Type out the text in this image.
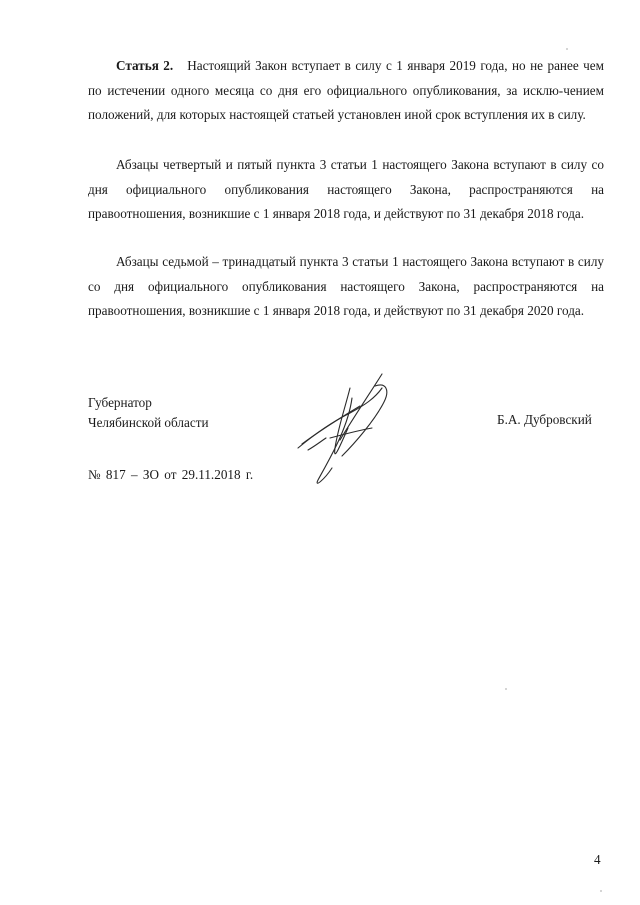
Статья 2. Настоящий Закон вступает в силу с 1 января 2019 года, но не ранее чем по истечении одного месяца со дня его официального опубликования, за исклю-чением положений, для которых настоящей статьей установлен иной срок вступления их в силу.

Абзацы четвертый и пятый пункта 3 статьи 1 настоящего Закона вступают в силу со дня официального опубликования настоящего Закона, распространяются на правоотношения, возникшие с 1 января 2018 года, и действуют по 31 декабря 2018 года.

Абзацы седьмой – тринадцатый пункта 3 статьи 1 настоящего Закона вступают в силу со дня официального опубликования настоящего Закона, распространяются на правоотношения, возникшие с 1 января 2018 года, и действуют по 31 декабря 2020 года.

Губернатор
Челябинской области	Б.А. Дубровский
№ 817 – ЗО от 29.11.2018 г.
4
